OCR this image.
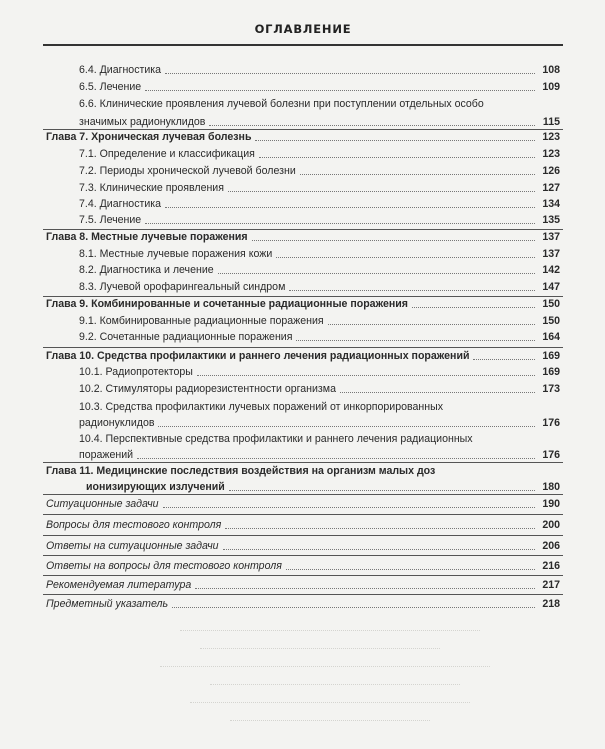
ОГЛАВЛЕНИЕ
6.4. Диагностика	108
6.5. Лечение	109
6.6. Клинические проявления лучевой болезни при поступлении отдельных особо
значимых радионуклидов	115
Глава 7. Хроническая лучевая болезнь	123
7.1. Определение и классификация	123
7.2. Периоды хронической лучевой болезни	126
7.3. Клинические проявления	127
7.4. Диагностика	134
7.5. Лечение	135
Глава 8. Местные лучевые поражения	137
8.1. Местные лучевые поражения кожи	137
8.2. Диагностика и лечение	142
8.3. Лучевой орофарингеальный синдром	147
Глава 9. Комбинированные и сочетанные радиационные поражения	150
9.1. Комбинированные радиационные поражения	150
9.2. Сочетанные радиационные поражения	164
Глава 10. Средства профилактики и раннего лечения радиационных поражений	169
10.1. Радиопротекторы	169
10.2. Стимуляторы радиорезистентности организма	173
10.3. Средства профилактики лучевых поражений от инкорпорированных
радионуклидов	176
10.4. Перспективные средства профилактики и раннего лечения радиационных
поражений	176
Глава 11. Медицинские последствия воздействия на организм малых доз
ионизирующих излучений	180
Ситуационные задачи	190
Вопросы для тестового контроля	200
Ответы на ситуационные задачи	206
Ответы на вопросы для тестового контроля	216
Рекомендуемая литература	217
Предметный указатель	218
